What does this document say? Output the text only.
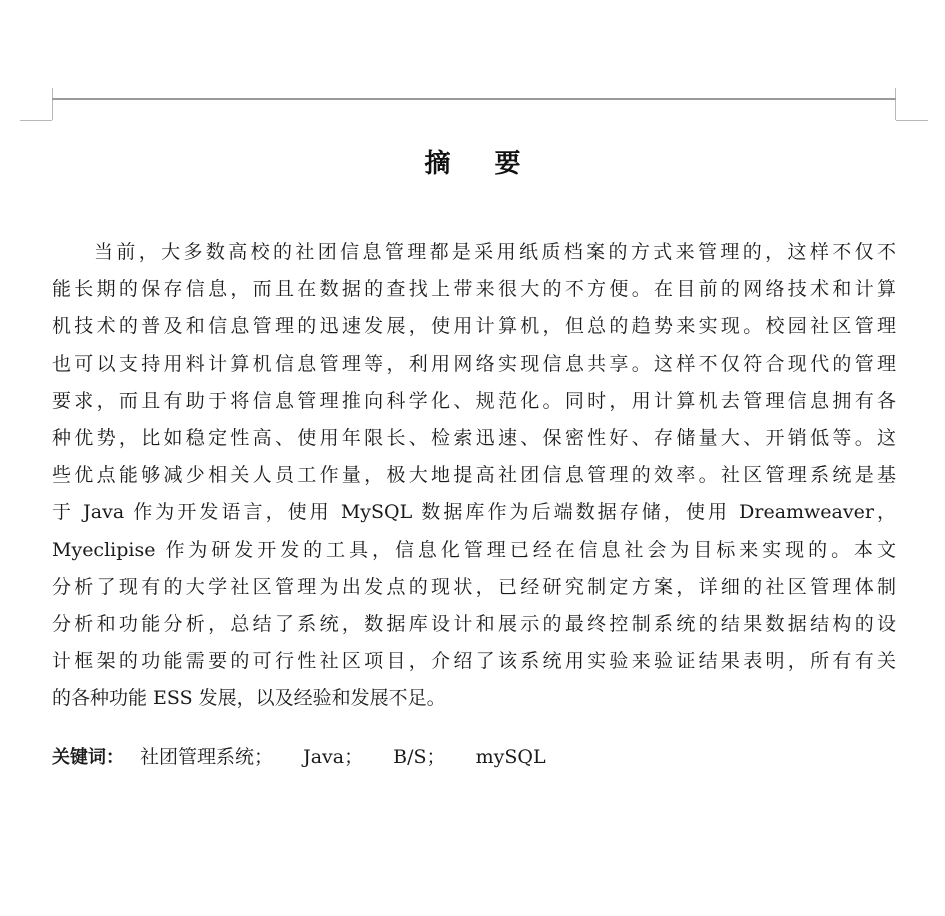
摘 要
当前，大多数高校的社团信息管理都是采用纸质档案的方式来管理的，这样不仅不
能长期的保存信息，而且在数据的查找上带来很大的不方便。在目前的网络技术和计算
机技术的普及和信息管理的迅速发展，使用计算机，但总的趋势来实现。校园社区管理
也可以支持用料计算机信息管理等，利用网络实现信息共享。这样不仅符合现代的管理
要求，而且有助于将信息管理推向科学化、规范化。同时，用计算机去管理信息拥有各
种优势，比如稳定性高、使用年限长、检索迅速、保密性好、存储量大、开销低等。这
些优点能够减少相关人员工作量，极大地提高社团信息管理的效率。社区管理系统是基
于 Java 作为开发语言，使用 MySQL 数据库作为后端数据存储，使用 Dreamweaver，
Myeclipise 作为研发开发的工具，信息化管理已经在信息社会为目标来实现的。本文
分析了现有的大学社区管理为出发点的现状，已经研究制定方案，详细的社区管理体制
分析和功能分析，总结了系统，数据库设计和展示的最终控制系统的结果数据结构的设
计框架的功能需要的可行性社区项目，介绍了该系统用实验来验证结果表明，所有有关
的各种功能 ESS 发展，以及经验和发展不足。
关键词： 社团管理系统； Java； B/S； mySQL
